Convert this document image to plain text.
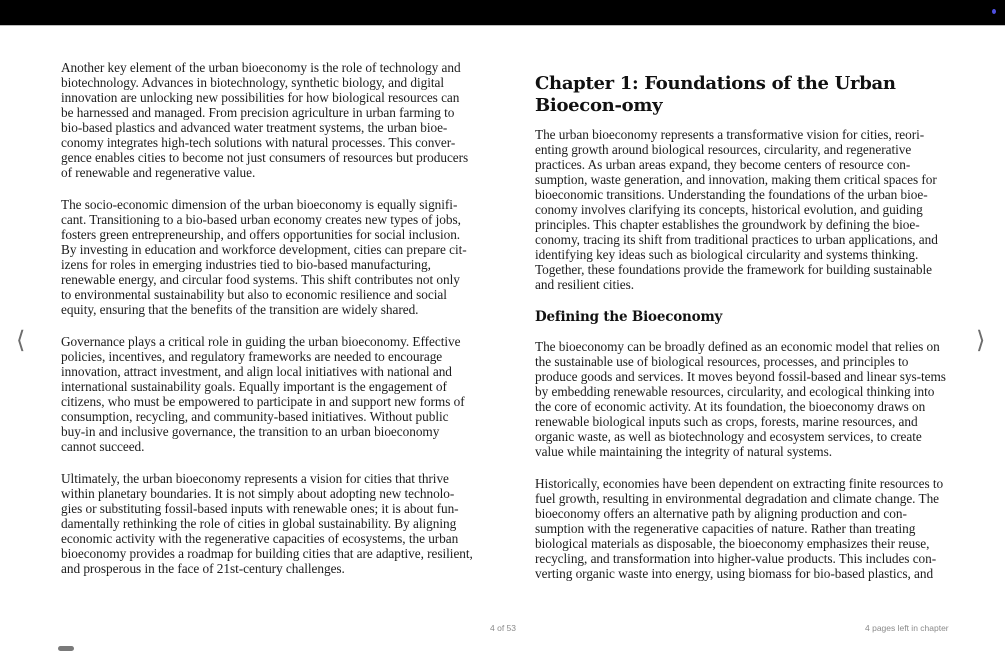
Another key element of the urban bioeconomy is the role of technology and biotechnology. Advances in biotechnology, synthetic biology, and digital innovation are unlocking new possibilities for how biological resources can be harnessed and managed. From precision agriculture in urban farming to bio-based plastics and advanced water treatment systems, the urban bioe-conomy integrates high-tech solutions with natural processes. This conver-gence enables cities to become not just consumers of resources but producers of renewable and regenerative value.

The socio-economic dimension of the urban bioeconomy is equally signifi-cant. Transitioning to a bio-based urban economy creates new types of jobs, fosters green entrepreneurship, and offers opportunities for social inclusion. By investing in education and workforce development, cities can prepare cit-izens for roles in emerging industries tied to bio-based manufacturing, renewable energy, and circular food systems. This shift contributes not only to environmental sustainability but also to economic resilience and social equity, ensuring that the benefits of the transition are widely shared.

Governance plays a critical role in guiding the urban bioeconomy. Effective policies, incentives, and regulatory frameworks are needed to encourage innovation, attract investment, and align local initiatives with national and international sustainability goals. Equally important is the engagement of citizens, who must be empowered to participate in and support new forms of consumption, recycling, and community-based initiatives. Without public buy-in and inclusive governance, the transition to an urban bioeconomy cannot succeed.

Ultimately, the urban bioeconomy represents a vision for cities that thrive within planetary boundaries. It is not simply about adopting new technolo-gies or substituting fossil-based inputs with renewable ones; it is about fun-damentally rethinking the role of cities in global sustainability. By aligning economic activity with the regenerative capacities of ecosystems, the urban bioeconomy provides a roadmap for building cities that are adaptive, resilient, and prosperous in the face of 21st-century challenges.

Chapter 1: Foundations of the Urban Bioecon-omy

The urban bioeconomy represents a transformative vision for cities, reori-enting growth around biological resources, circularity, and regenerative practices. As urban areas expand, they become centers of resource con-sumption, waste generation, and innovation, making them critical spaces for bioeconomic transitions. Understanding the foundations of the urban bioe-conomy involves clarifying its concepts, historical evolution, and guiding principles. This chapter establishes the groundwork by defining the bioe-conomy, tracing its shift from traditional practices to urban applications, and identifying key ideas such as biological circularity and systems thinking. Together, these foundations provide the framework for building sustainable and resilient cities.

Defining the Bioeconomy

The bioeconomy can be broadly defined as an economic model that relies on the sustainable use of biological resources, processes, and principles to produce goods and services. It moves beyond fossil-based and linear sys-tems by embedding renewable resources, circularity, and ecological thinking into the core of economic activity. At its foundation, the bioeconomy draws on renewable biological inputs such as crops, forests, marine resources, and organic waste, as well as biotechnology and ecosystem services, to create value while maintaining the integrity of natural systems.

Historically, economies have been dependent on extracting finite resources to fuel growth, resulting in environmental degradation and climate change. The bioeconomy offers an alternative path by aligning production and con-sumption with the regenerative capacities of nature. Rather than treating biological materials as disposable, the bioeconomy emphasizes their reuse, recycling, and transformation into higher-value products. This includes con-verting organic waste into energy, using biomass for bio-based plastics, and

⟨	⟩
4 of 53	4 pages left in chapter
